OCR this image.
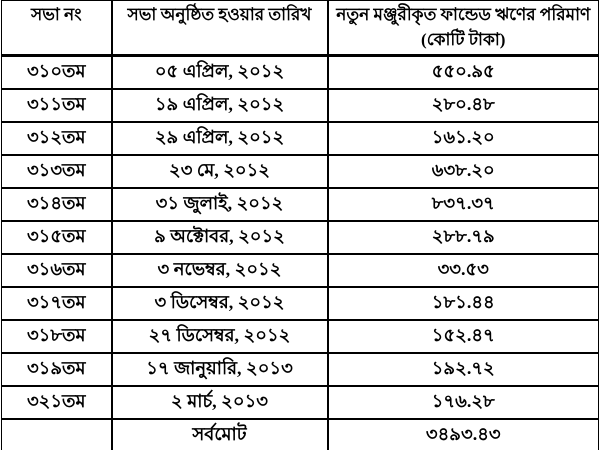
সভা নং	সভা অনুষ্ঠিত হওয়ার তারিখ	নতুন মঞ্জুরীকৃত ফান্ডেড ঋণের পরিমাণ (কোটি টাকা)
৩১০তম	০৫ এপ্রিল, ২০১২	৫৫০.৯৫
৩১১তম	১৯ এপ্রিল, ২০১২	২৮০.৪৮
৩১২তম	২৯ এপ্রিল, ২০১২	১৬১.২০
৩১৩তম	২৩ মে, ২০১২	৬৩৮.২০
৩১৪তম	৩১ জুলাই, ২০১২	৮৩৭.৩৭
৩১৫তম	৯ অক্টোবর, ২০১২	২৮৮.৭৯
৩১৬তম	৩ নভেম্বর, ২০১২	৩৩.৫৩
৩১৭তম	৩ ডিসেম্বর, ২০১২	১৮১.৪৪
৩১৮তম	২৭ ডিসেম্বর, ২০১২	১৫২.৪৭
৩১৯তম	১৭ জানুয়ারি, ২০১৩	১৯২.৭২
৩২১তম	২ মার্চ, ২০১৩	১৭৬.২৮
	সর্বমোট	৩৪৯৩.৪৩
